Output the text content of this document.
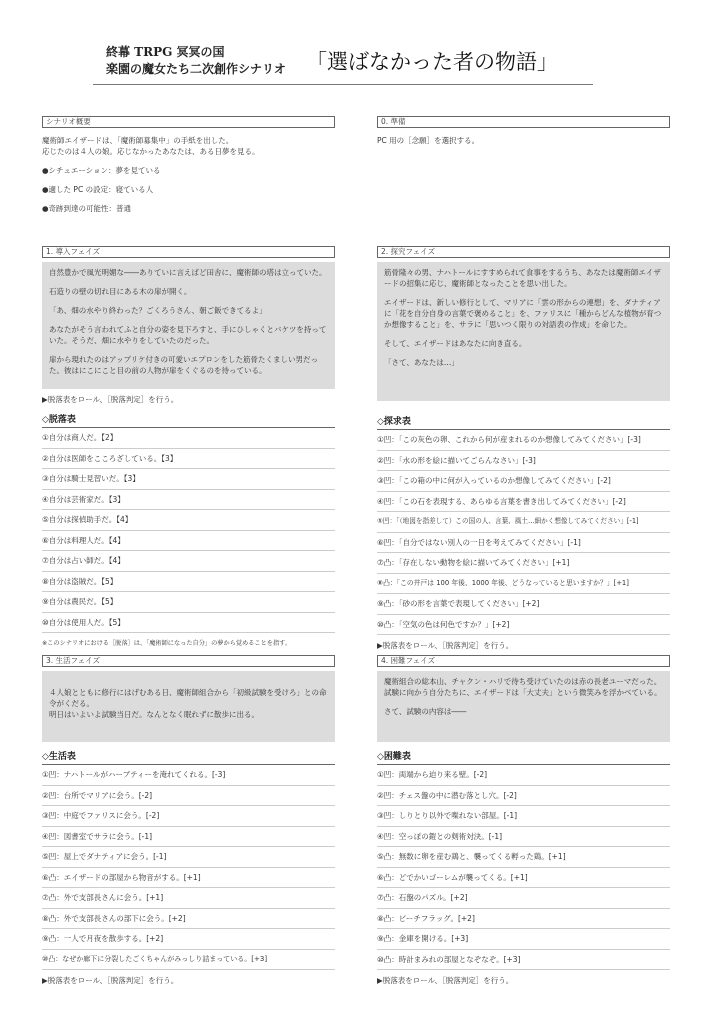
終幕 TRPG 冥冥の国
楽園の魔女たち二次創作シナリオ 「選ばなかった者の物語」
シナリオ概要

魔術師エイザードは、「魔術師募集中」の手紙を出した。
応じたのは４人の娘。応じなかったあなたは、ある日夢を見る。

●シチュエーション：夢を見ている

●適した PC の設定：寝ている人

●奇跡到達の可能性：普通

0. 準備

PC 用の［念願］を選択する。

1. 導入フェイズ

自然豊かで風光明媚な――ありていに言えばど田舎に、魔術師の塔は立っていた。

石造りの壁の切れ目にある木の扉が開く。

「あ、畑の水やり終わった？ごくろうさん、朝ご飯できてるよ」

あなたがそう言われてふと自分の姿を見下ろすと、手にひしゃくとバケツを持っていた。そうだ、畑に水やりをしていたのだった。

扉から現れたのはアップリケ付きの可愛いエプロンをした筋骨たくましい男だった。彼はにこにこと目の前の人物が扉をくぐるのを待っている。

▶脱落表をロール、［脱落判定］を行う。
◇脱落表
①自分は商人だ。【2】
②自分は医師をこころざしている。【3】
③自分は騎士見習いだ。【3】
④自分は芸術家だ。【3】
⑤自分は探偵助手だ。【4】
⑥自分は料理人だ。【4】
⑦自分は占い師だ。【4】
⑧自分は盗賊だ。【5】
⑨自分は農民だ。【5】
⑩自分は使用人だ。【5】
※このシナリオにおける［脱落］は、「魔術師になった自分」の夢から覚めることを指す。
2. 探究フェイズ

筋骨隆々の男、ナハトールにすすめられて食事をするうち、あなたは魔術師エイザードの招集に応じ、魔術師となったことを思い出した。

エイザードは、新しい修行として、マリアに「雲の形からの連想」を、ダナティアに「花を自分自身の言葉で褒めること」を、ファリスに「種からどんな植物が育つか想像すること」を、サラに「思いつく限りの対語表の作成」を命じた。

そして、エイザードはあなたに向き直る。

「さて、あなたは…」

◇探求表
①凹：「この灰色の卵、これから何が産まれるのか想像してみてください」[-3]
②凹：「水の形を絵に描いてごらんなさい」[-3]
③凹：「この箱の中に何が入っているのか想像してみてください」[-2]
④凹：「この石を表現する、あらゆる言葉を書き出してみてください」[-2]
⑤凹：「（地図を指差して）この国の人、言葉、風土…細かく想像してみてください」[-1]
⑥凹：「自分ではない別人の一日を考えてみてください」[-1]
⑦凸：「存在しない動物を絵に描いてみてください」[+1]
⑧凸：「この井戸は 100 年後、1000 年後、どうなっていると思いますか？」[+1]
⑨凸：「砂の形を言葉で表現してください」[+2]
⑩凸：「空気の色は何色ですか？」[+2]
▶脱落表をロール、［脱落判定］を行う。
3. 生活フェイズ

４人娘とともに修行にはげむある日、魔術師組合から「初級試験を受けろ」との命令がくだる。
明日はいよいよ試験当日だ。なんとなく眠れずに散歩に出る。

◇生活表
①凹：ナハトールがハーブティーを淹れてくれる。[-3]
②凹：台所でマリアに会う。[-2]
③凹：中庭でファリスに会う。[-2]
④凹：図書室でサラに会う。[-1]
⑤凹：屋上でダナティアに会う。[-1]
⑥凸：エイザードの部屋から物音がする。[+1]
⑦凸：外で支部長さんに会う。[+1]
⑧凸：外で支部長さんの部下に会う。[+2]
⑨凸：一人で月夜を散歩する。[+2]
⑩凸：なぜか廊下に分裂したごくちゃんがみっしり詰まっている。[+3]
▶脱落表をロール、［脱落判定］を行う。
4. 困難フェイズ

魔術組合の総本山、チャクン・ハリで待ち受けていたのは赤の長老ユーマだった。試験に向かう自分たちに、エイザードは「大丈夫」という微笑みを浮かべている。

さて、試験の内容は――

◇困難表
①凹：両端から迫り来る壁。[-2]
②凹：チェス盤の中に潜む落とし穴。[-2]
③凹：しりとり以外で喋れない部屋。[-1]
④凹：空っぽの鎧との剣術対決。[-1]
⑤凸：無数に卵を産む鶏と、襲ってくる孵った鶏。[+1]
⑥凸：どでかいゴーレムが襲ってくる。[+1]
⑦凸：石盤のパズル。[+2]
⑧凸：ビーチフラッグ。[+2]
⑨凸：金庫を開ける。[+3]
⑩凸：時計まみれの部屋となぞなぞ。[+3]
▶脱落表をロール、［脱落判定］を行う。
